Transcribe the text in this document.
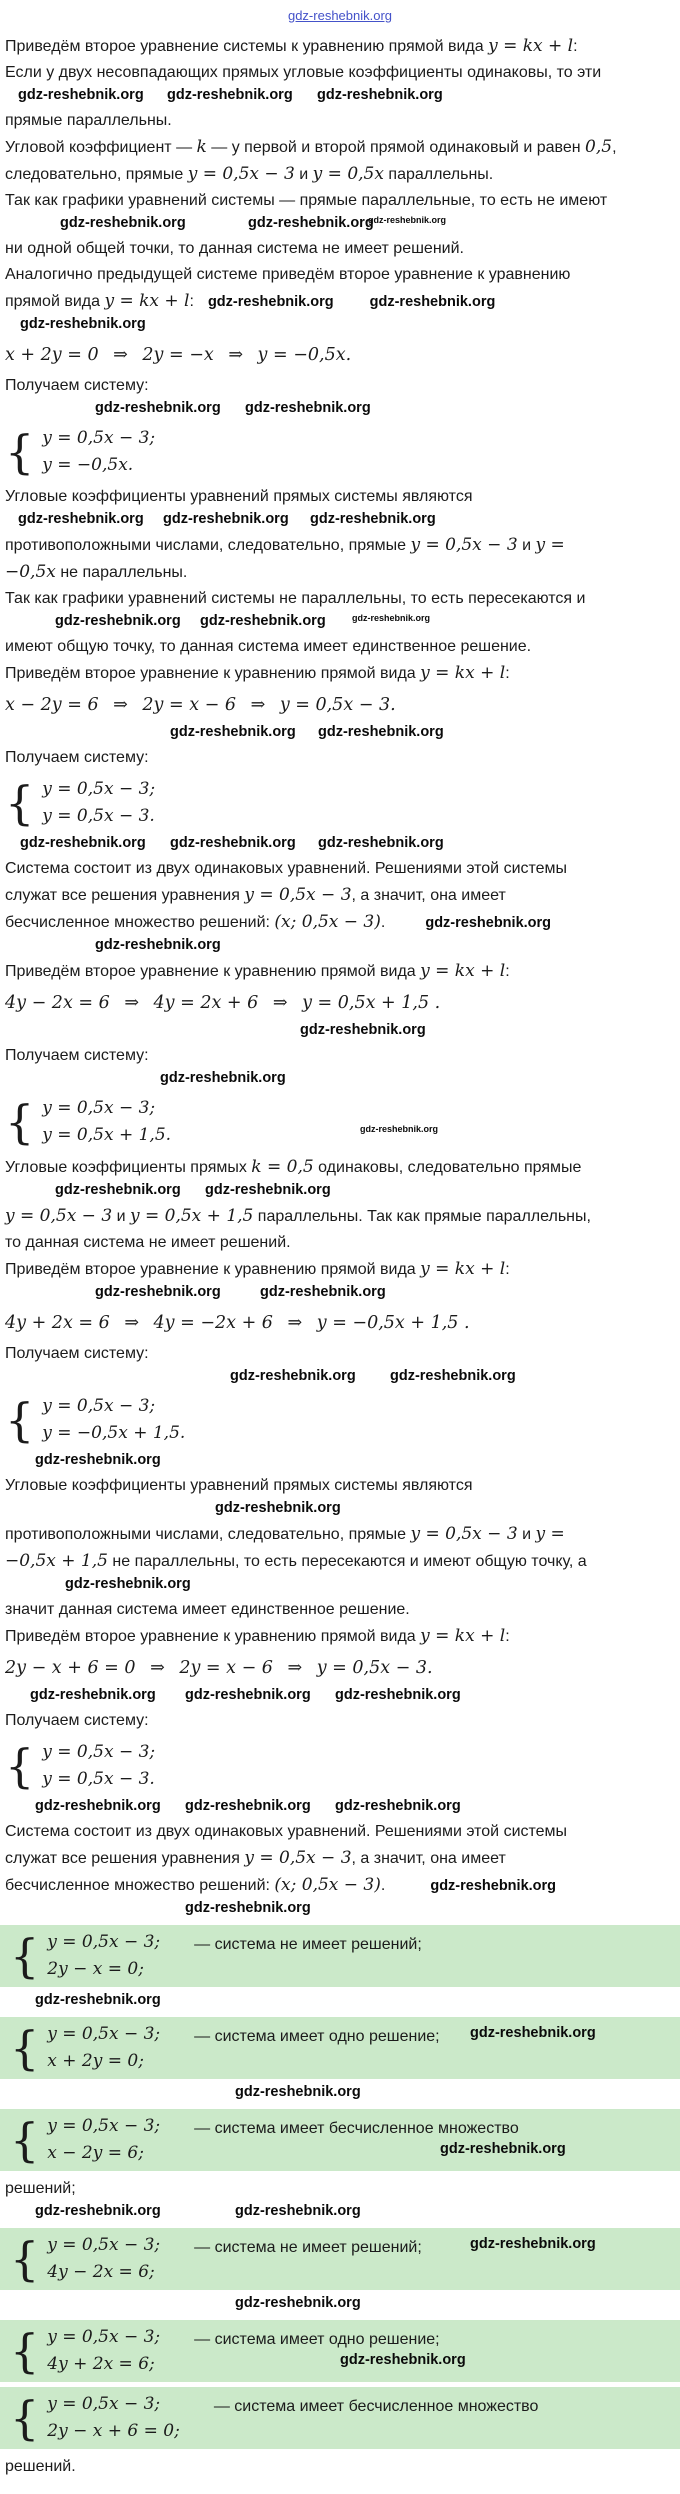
gdz-reshebnik.org
Приведём второе уравнение системы к уравнению прямой вида y = kx + l:
Если у двух несовпадающих прямых угловые коэффициенты одинаковы, то эти
gdz-reshebnik.org gdz-reshebnik.org gdz-reshebnik.org
прямые параллельны.
Угловой коэффициент — k — у первой и второй прямой одинаковый и равен 0,5, следовательно, прямые y = 0,5x − 3 и y = 0,5x параллельны.
Так как графики уравнений системы — прямые параллельные, то есть не имеют
gdz-reshebnik.org	gdz-reshebnik.org
gdz-reshebnik.org
ни одной общей точки, то данная система не имеет решений.
Аналогично предыдущей системе приведём второе уравнение к уравнению
прямой вида y = kx + l: gdz-reshebnik.org gdz-reshebnik.org
gdz-reshebnik.org
x + 2y = 0 ⇒ 2y = −x ⇒ y = −0,5x.
Получаем систему:
gdz-reshebnik.org gdz-reshebnik.org
{ y = 0,5x − 3;
y = −0,5x.
Угловые коэффициенты уравнений прямых системы являются
gdz-reshebnik.org gdz-reshebnik.org gdz-reshebnik.org
противоположными числами, следовательно, прямые y = 0,5x − 3 и y =
−0,5x не параллельны.
Так как графики уравнений системы не параллельны, то есть пересекаются и
gdz-reshebnik.org gdz-reshebnik.org	gdz-reshebnik.org
имеют общую точку, то данная система имеет единственное решение.
Приведём второе уравнение к уравнению прямой вида y = kx + l:
x − 2y = 6 ⇒ 2y = x − 6 ⇒ y = 0,5x − 3.
gdz-reshebnik.org gdz-reshebnik.org
Получаем систему:
{ y = 0,5x − 3;
y = 0,5x − 3.
gdz-reshebnik.org gdz-reshebnik.org gdz-reshebnik.org
Система состоит из двух одинаковых уравнений. Решениями этой системы
служат все решения уравнения y = 0,5x − 3, а значит, она имеет
бесчисленное множество решений: (x; 0,5x − 3).	gdz-reshebnik.org
gdz-reshebnik.org
Приведём второе уравнение к уравнению прямой вида y = kx + l:
4y − 2x = 6 ⇒ 4y = 2x + 6 ⇒ y = 0,5x + 1,5 .
gdz-reshebnik.org
Получаем систему:
gdz-reshebnik.org
{ y = 0,5x − 3;
y = 0,5x + 1,5.	gdz-reshebnik.org
Угловые коэффициенты прямых k = 0,5 одинаковы, следовательно прямые
gdz-reshebnik.org gdz-reshebnik.org
y = 0,5x − 3 и y = 0,5x + 1,5 параллельны. Так как прямые параллельны,
то данная система не имеет решений.
Приведём второе уравнение к уравнению прямой вида y = kx + l:
gdz-reshebnik.org	gdz-reshebnik.org
4y + 2x = 6 ⇒ 4y = −2x + 6 ⇒ y = −0,5x + 1,5 .
Получаем систему:
gdz-reshebnik.org gdz-reshebnik.org
{ y = 0,5x − 3;
y = −0,5x + 1,5.
gdz-reshebnik.org
Угловые коэффициенты уравнений прямых системы являются
gdz-reshebnik.org
противоположными числами, следовательно, прямые y = 0,5x − 3 и y =
−0,5x + 1,5 не параллельны, то есть пересекаются и имеют общую точку, а
gdz-reshebnik.org
значит данная система имеет единственное решение.
Приведём второе уравнение к уравнению прямой вида y = kx + l:
2y − x + 6 = 0 ⇒ 2y = x − 6 ⇒ y = 0,5x − 3.
gdz-reshebnik.org gdz-reshebnik.org gdz-reshebnik.org
Получаем систему:
{ y = 0,5x − 3;
y = 0,5x − 3.
gdz-reshebnik.org gdz-reshebnik.org gdz-reshebnik.org
Система состоит из двух одинаковых уравнений. Решениями этой системы
служат все решения уравнения y = 0,5x − 3, а значит, она имеет
бесчисленное множество решений: (x; 0,5x − 3).	gdz-reshebnik.org
gdz-reshebnik.org
{ y = 0,5x − 3;
2y − x = 0;
— система не имеет решений;
gdz-reshebnik.org
{ y = 0,5x − 3;
x + 2y = 0;
— система имеет одно решение; gdz-reshebnik.org
gdz-reshebnik.org
{ y = 0,5x − 3;
x − 2y = 6;
— система имеет бесчисленное множество
gdz-reshebnik.org
решений;
gdz-reshebnik.org	gdz-reshebnik.org
{ y = 0,5x − 3;
4y − 2x = 6;
— система не имеет решений;	gdz-reshebnik.org
gdz-reshebnik.org
{ y = 0,5x − 3;
4y + 2x = 6;
— система имеет одно решение;
gdz-reshebnik.org
{ y = 0,5x − 3;
2y − x + 6 = 0;
— система имеет бесчисленное множество
решений.
